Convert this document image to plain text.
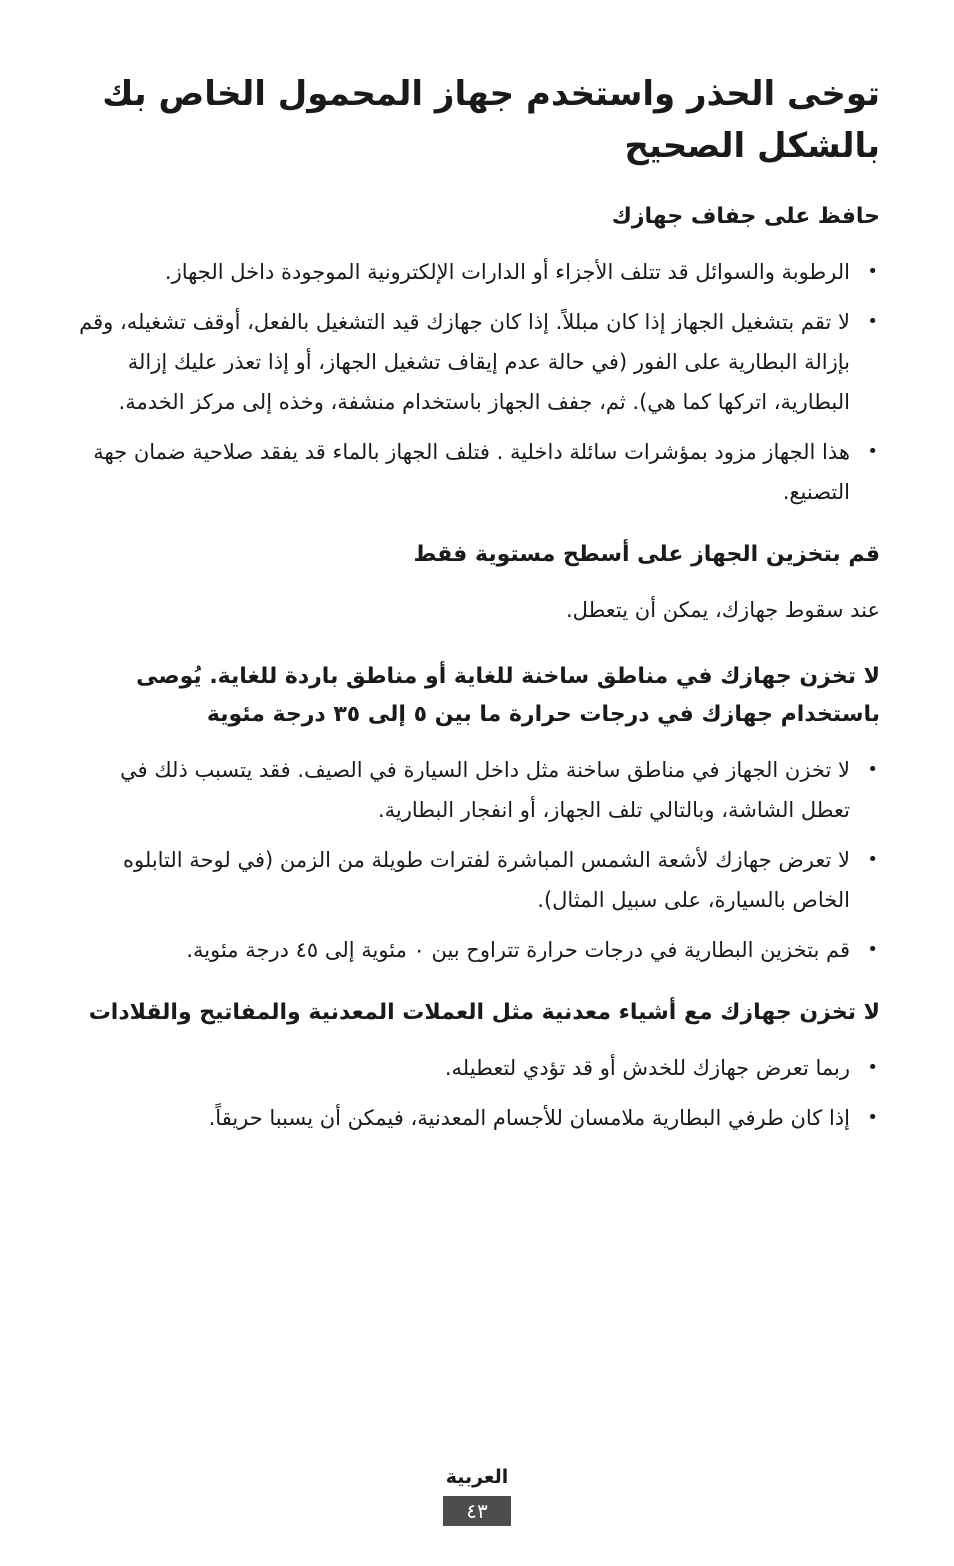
توخى الحذر واستخدم جهاز المحمول الخاص بك بالشكل الصحيح
حافظ على جفاف جهازك
•
الرطوبة والسوائل قد تتلف الأجزاء أو الدارات الإلكترونية الموجودة داخل الجهاز.
•
لا تقم بتشغيل الجهاز إذا كان مبللاً. إذا كان جهازك قيد التشغيل بالفعل، أوقف تشغيله، وقم بإزالة البطارية على الفور (في حالة عدم إيقاف تشغيل الجهاز، أو إذا تعذر عليك إزالة البطارية، اتركها كما هي). ثم، جفف الجهاز باستخدام منشفة، وخذه إلى مركز الخدمة.
•
هذا الجهاز مزود بمؤشرات سائلة داخلية . فتلف الجهاز بالماء قد يفقد صلاحية ضمان جهة التصنيع.
قم بتخزين الجهاز على أسطح مستوية فقط

عند سقوط جهازك، يمكن أن يتعطل.

لا تخزن جهازك في مناطق ساخنة للغاية أو مناطق باردة للغاية. يُوصى باستخدام جهازك في درجات حرارة ما بين ٥ إلى ٣٥ درجة مئوية
•
لا تخزن الجهاز في مناطق ساخنة مثل داخل السيارة في الصيف. فقد يتسبب ذلك في تعطل الشاشة، وبالتالي تلف الجهاز، أو انفجار البطارية.
•
لا تعرض جهازك لأشعة الشمس المباشرة لفترات طويلة من الزمن (في لوحة التابلوه الخاص بالسيارة، على سبيل المثال).
•
قم بتخزين البطارية في درجات حرارة تتراوح بين ٠ مئوية إلى ٤٥ درجة مئوية.
لا تخزن جهازك مع أشياء معدنية مثل العملات المعدنية والمفاتيح والقلادات
•
ربما تعرض جهازك للخدش أو قد تؤدي لتعطيله.
•
إذا كان طرفي البطارية ملامسان للأجسام المعدنية، فيمكن أن يسببا حريقاً.
العربية
٤٣
